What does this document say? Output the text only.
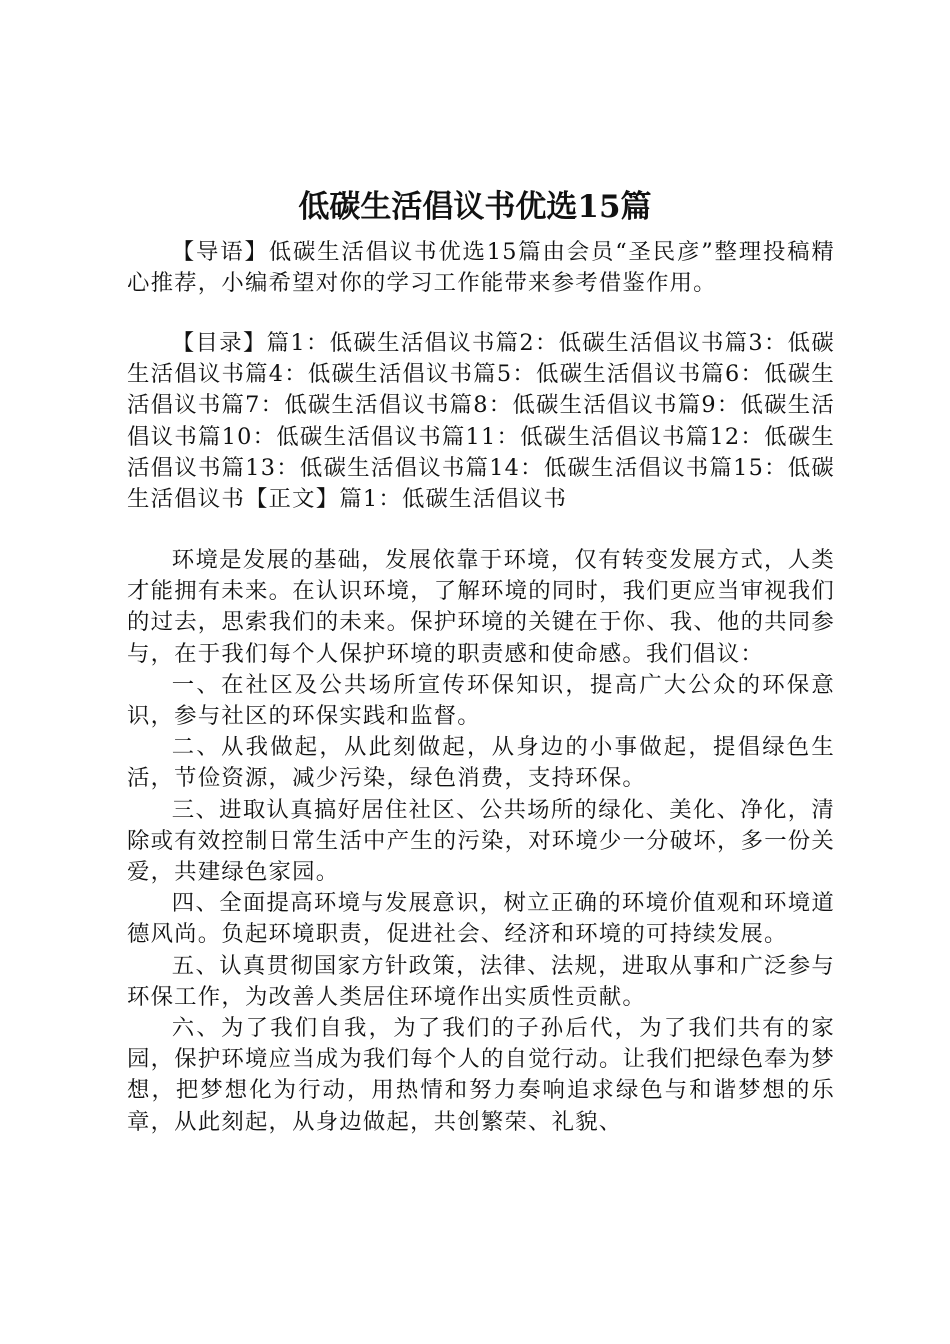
低碳生活倡议书优选15篇

【导语】低碳生活倡议书优选15篇由会员“圣民彦”整理投稿精心推荐，小编希望对你的学习工作能带来参考借鉴作用。

【目录】篇1：低碳生活倡议书篇2：低碳生活倡议书篇3：低碳生活倡议书篇4：低碳生活倡议书篇5：低碳生活倡议书篇6：低碳生活倡议书篇7：低碳生活倡议书篇8：低碳生活倡议书篇9：低碳生活倡议书篇10：低碳生活倡议书篇11：低碳生活倡议书篇12：低碳生活倡议书篇13：低碳生活倡议书篇14：低碳生活倡议书篇15：低碳生活倡议书【正文】篇1：低碳生活倡议书

环境是发展的基础，发展依靠于环境，仅有转变发展方式，人类才能拥有未来。在认识环境，了解环境的同时，我们更应当审视我们的过去，思索我们的未来。保护环境的关键在于你、我、他的共同参与，在于我们每个人保护环境的职责感和使命感。我们倡议：

一、在社区及公共场所宣传环保知识，提高广大公众的环保意识，参与社区的环保实践和监督。

二、从我做起，从此刻做起，从身边的小事做起，提倡绿色生活，节俭资源，减少污染，绿色消费，支持环保。

三、进取认真搞好居住社区、公共场所的绿化、美化、净化，清除或有效控制日常生活中产生的污染，对环境少一分破坏，多一份关爱，共建绿色家园。

四、全面提高环境与发展意识，树立正确的环境价值观和环境道德风尚。负起环境职责，促进社会、经济和环境的可持续发展。

五、认真贯彻国家方针政策，法律、法规，进取从事和广泛参与环保工作，为改善人类居住环境作出实质性贡献。

六、为了我们自我，为了我们的子孙后代，为了我们共有的家园，保护环境应当成为我们每个人的自觉行动。让我们把绿色奉为梦想，把梦想化为行动，用热情和努力奏响追求绿色与和谐梦想的乐章，从此刻起，从身边做起，共创繁荣、礼貌、
